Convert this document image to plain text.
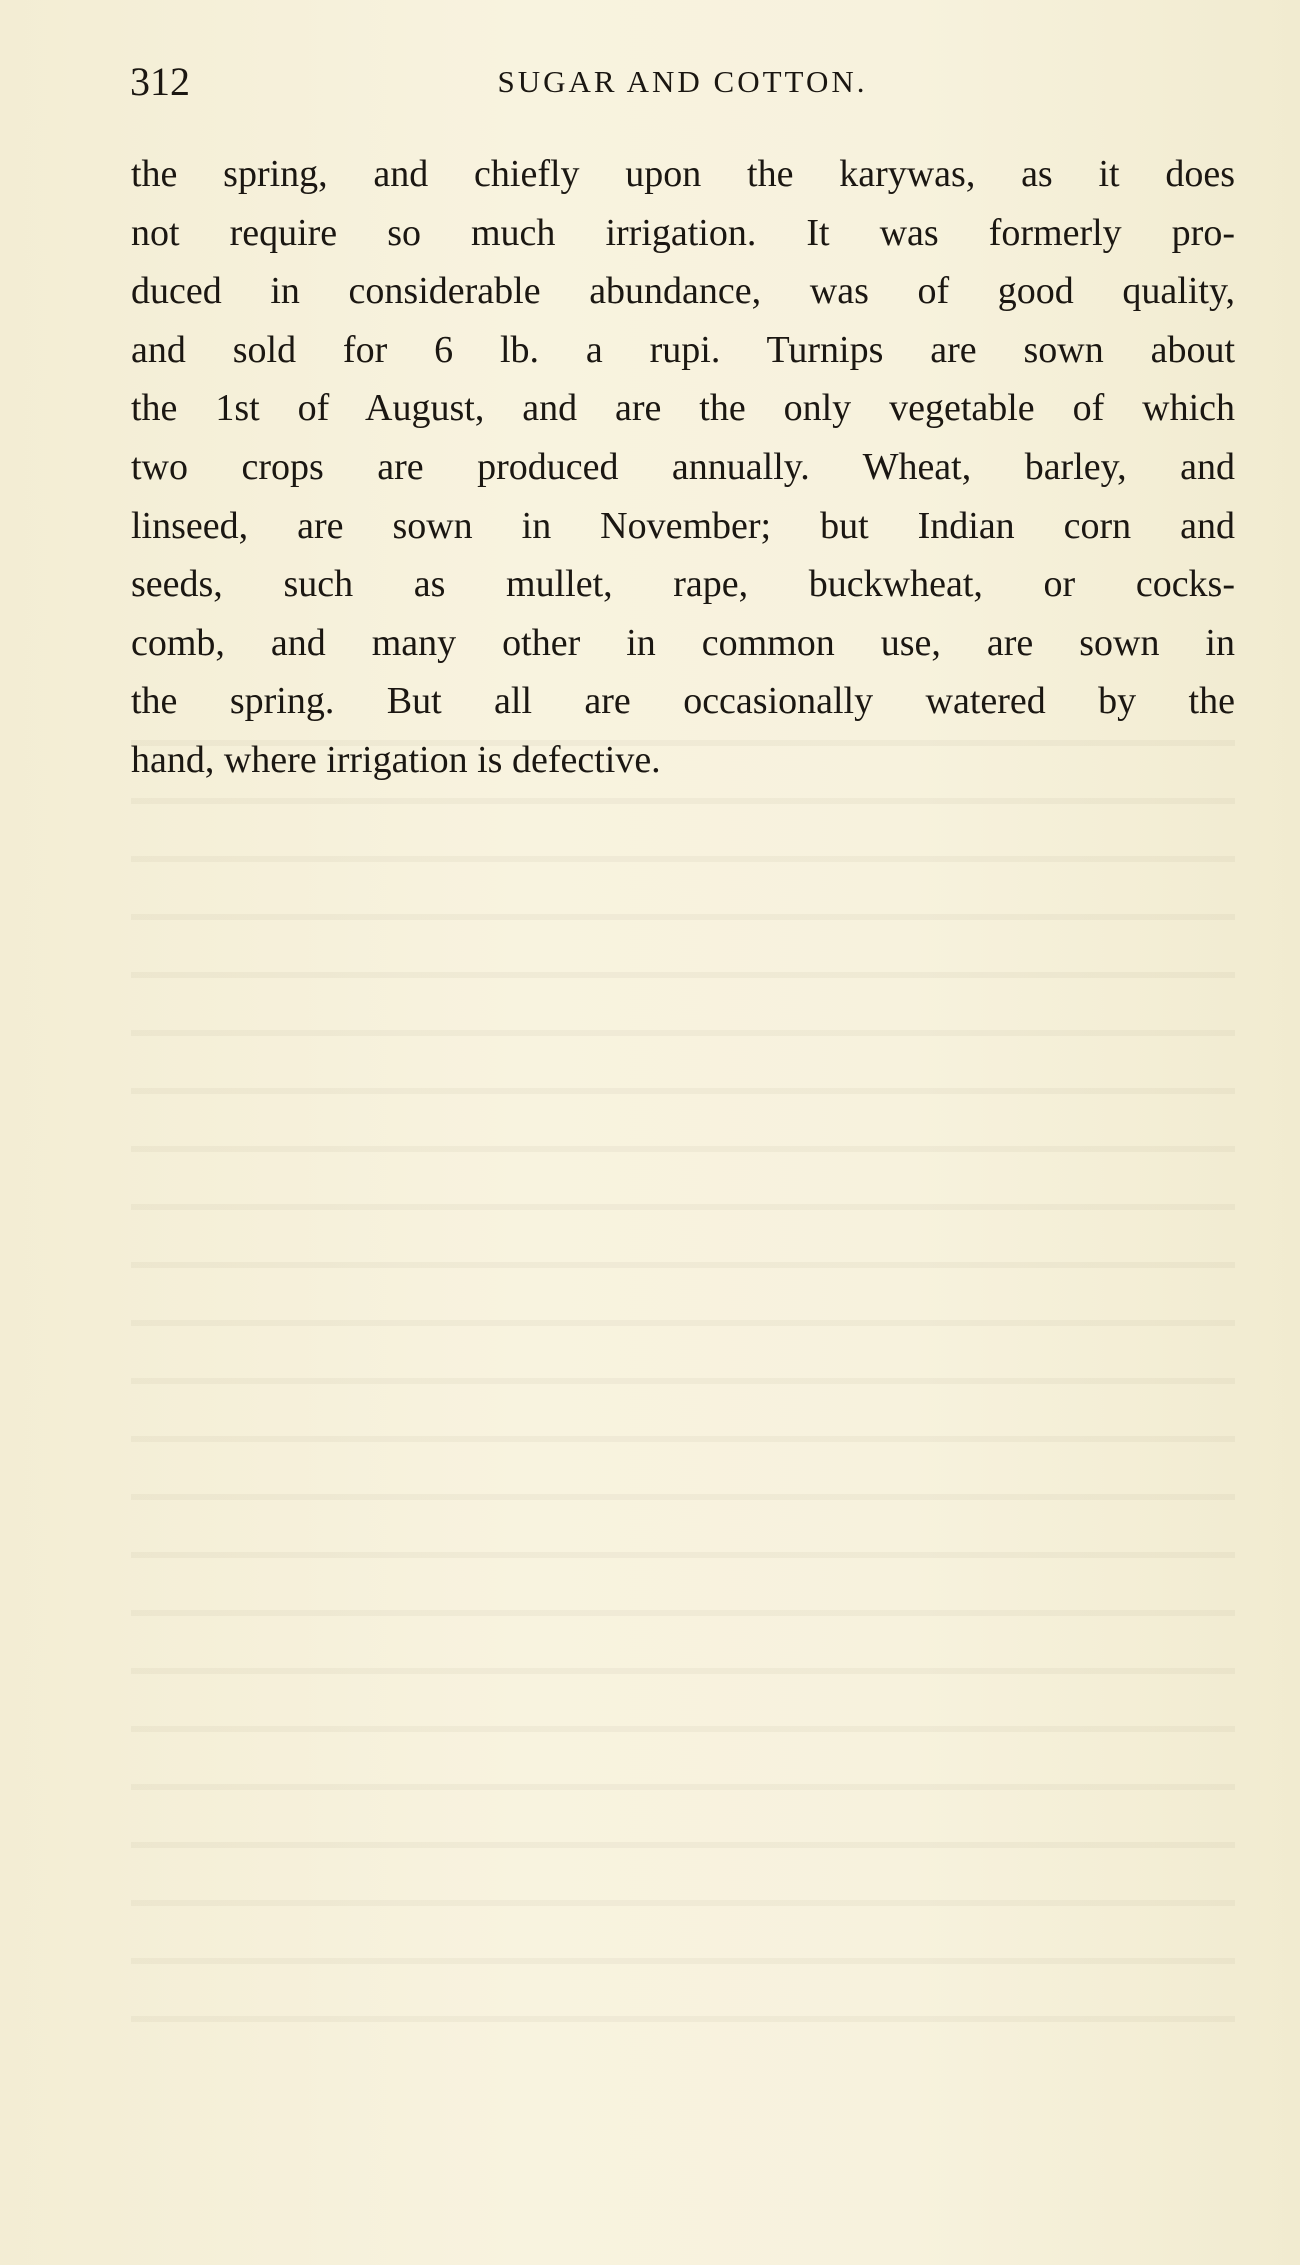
312	SUGAR AND COTTON.
the spring, and chiefly upon the karywas, as it does
not require so much irrigation. It was formerly pro-
duced in considerable abundance, was of good quality,
and sold for 6 lb. a rupi. Turnips are sown about
the 1st of August, and are the only vegetable of which
two crops are produced annually. Wheat, barley, and
linseed, are sown in November; but Indian corn and
seeds, such as mullet, rape, buckwheat, or cocks-
comb, and many other in common use, are sown in
the spring. But all are occasionally watered by the
hand, where irrigation is defective.
